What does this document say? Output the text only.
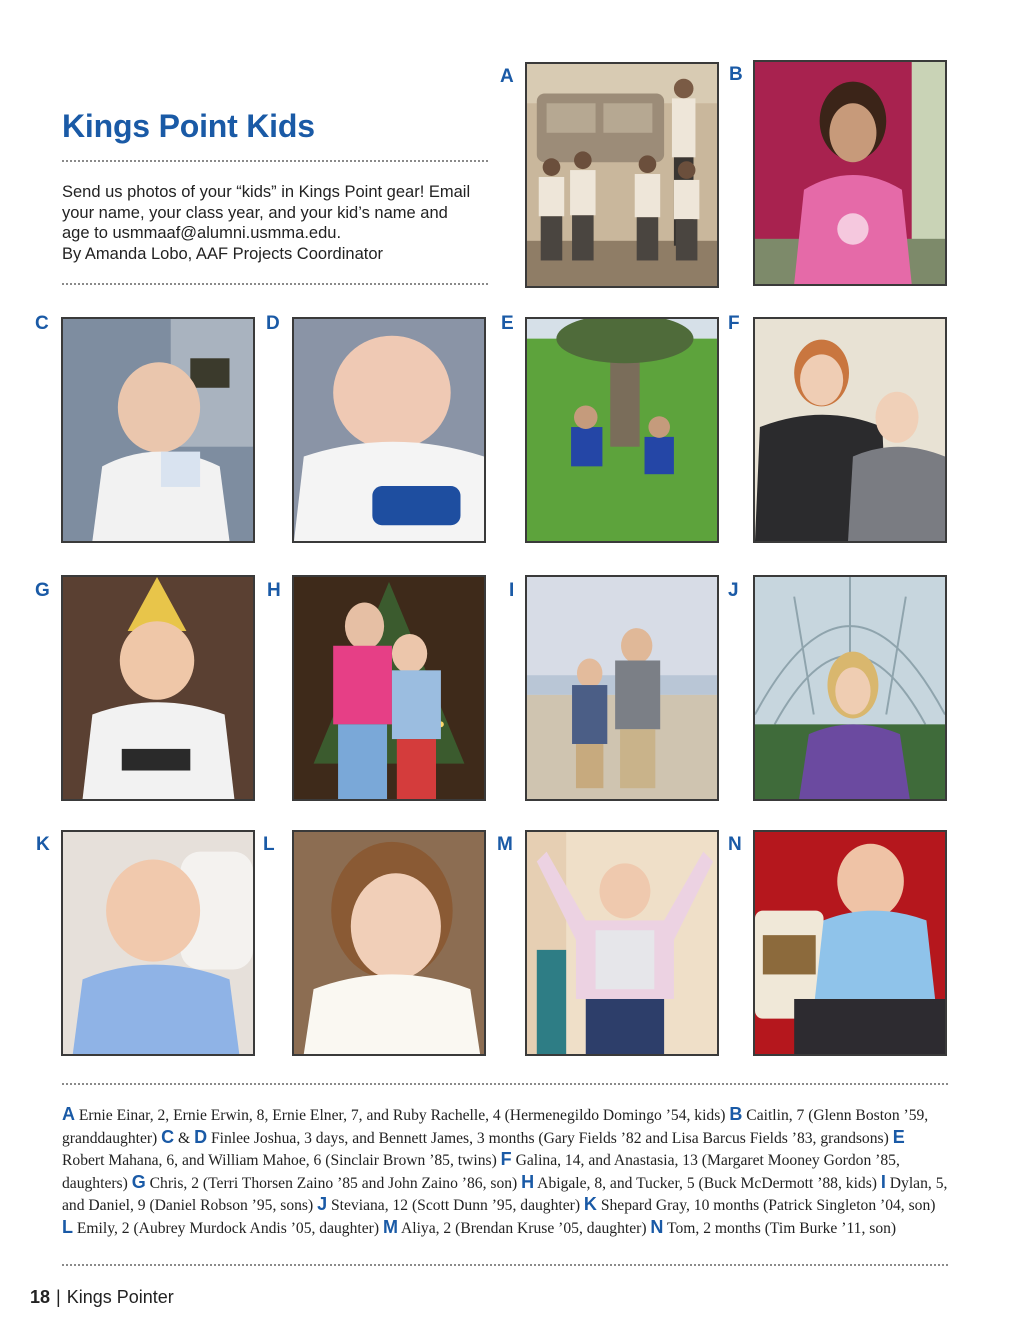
Kings Point Kids

Send us photos of your “kids” in Kings Point gear! Email

your name, your class year, and your kid’s name and

age to usmmaaf@alumni.usmma.edu.

By Amanda Lobo, AAF Projects Coordinator

A	B
C	D	E	F
G	H	I	J
K	L	M	N
A Ernie Einar, 2, Ernie Erwin, 8, Ernie Elner, 7, and Ruby Rachelle, 4 (Hermenegildo Domingo ’54, kids) B Caitlin, 7 (Glenn Boston ’59, granddaughter) C & D Finlee Joshua, 3 days, and Bennett James, 3 months (Gary Fields ’82 and Lisa Barcus Fields ’83, grandsons) E Robert Mahana, 6, and William Mahoe, 6 (Sinclair Brown ’85, twins) F Galina, 14, and Anastasia, 13 (Margaret Mooney Gordon ’85, daughters) G Chris, 2 (Terri Thorsen Zaino ’85 and John Zaino ’86, son) H Abigale, 8, and Tucker, 5 (Buck McDermott ’88, kids) I Dylan, 5, and Daniel, 9 (Daniel Robson ’95, sons) J Steviana, 12 (Scott Dunn ’95, daughter) K Shepard Gray, 10 months (Patrick Singleton ’04, son) L Emily, 2 (Aubrey Murdock Andis ’05, daughter) M Aliya, 2 (Brendan Kruse ’05, daughter) N Tom, 2 months (Tim Burke ’11, son)
18 | Kings Pointer
